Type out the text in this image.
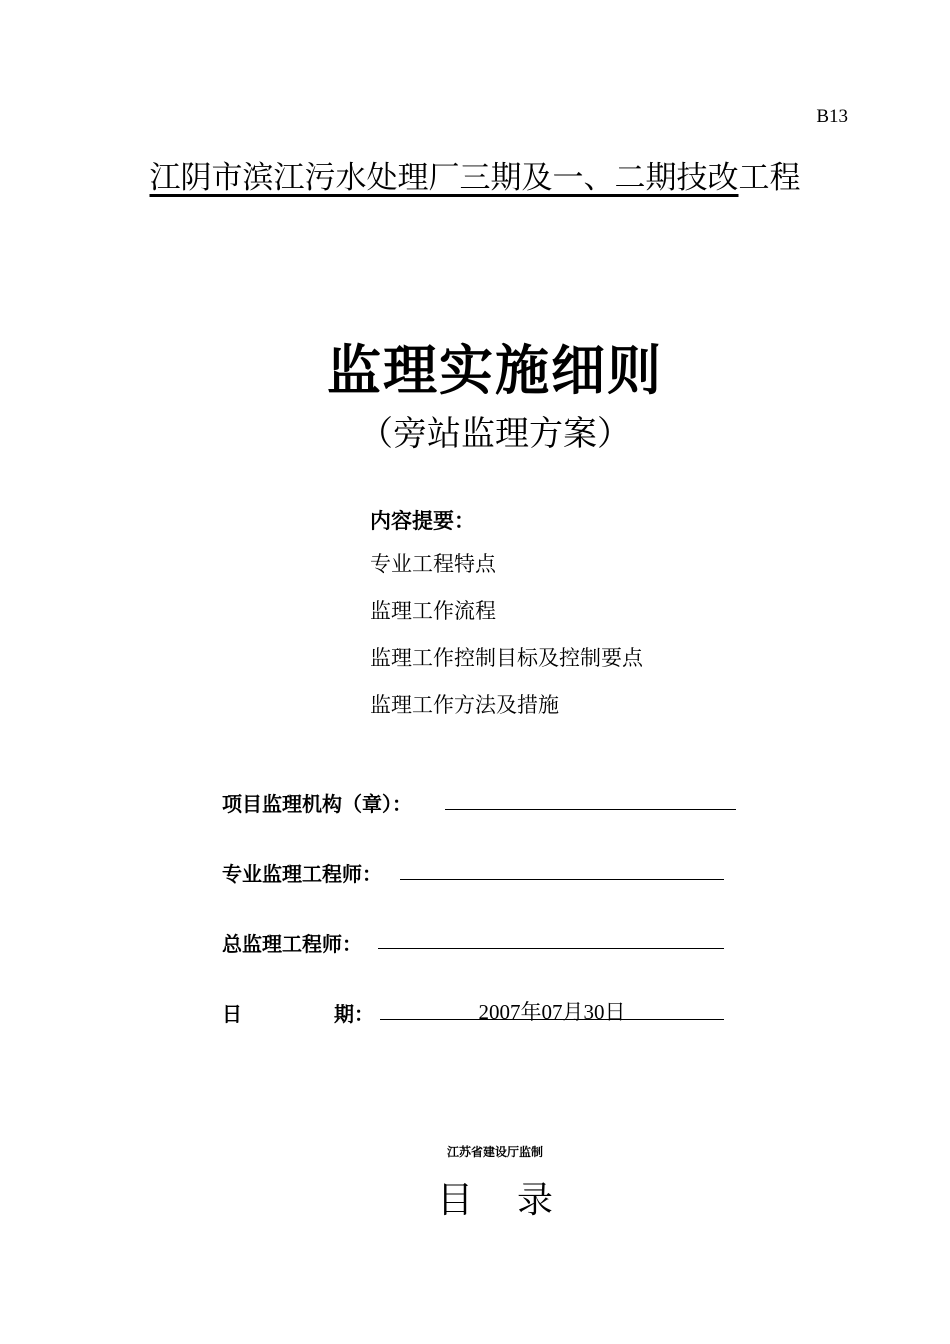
B13
江阴市滨江污水处理厂三期及一、二期技改工程
监理实施细则
（旁站监理方案）
内容提要：
专业工程特点
监理工作流程
监理工作控制目标及控制要点
监理工作方法及措施
项目监理机构（章）：
专业监理工程师：
总监理工程师：
日	期：	2007年07月30日
江苏省建设厅监制
目录
